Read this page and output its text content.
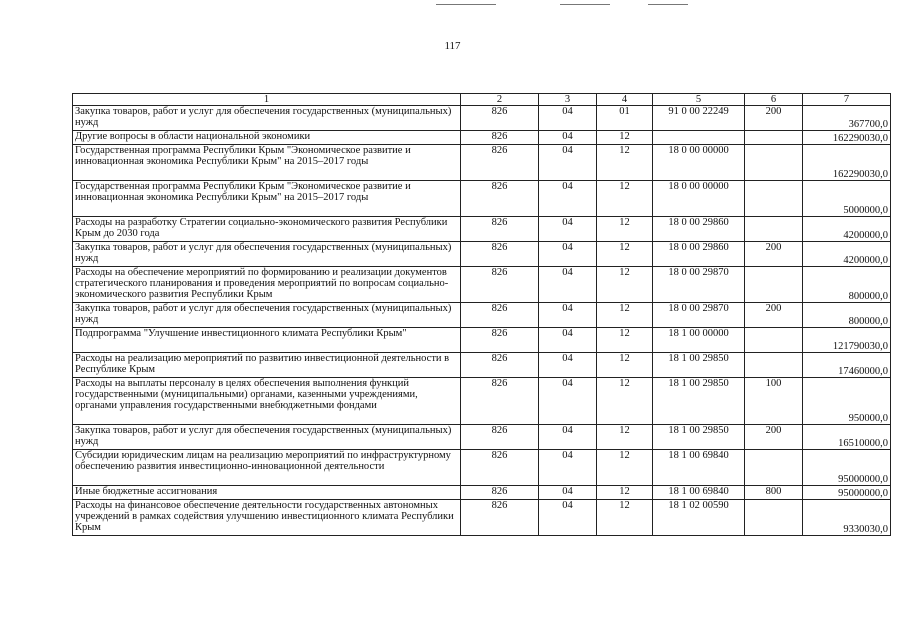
117
1	2	3	4	5	6	7
Закупка товаров, работ и услуг для обеспечения государственных (муниципальных) нужд	826	04	01	91 0 00 22249	200	367700,0
Другие вопросы в области национальной экономики	826	04	12			162290030,0
Государственная программа Республики Крым "Экономическое развитие и инновационная экономика Республики Крым" на 2015–2017 годы	826	04	12	18 0 00 00000		162290030,0
Государственная программа Республики Крым "Экономическое развитие и инновационная экономика Республики Крым" на 2015–2017 годы	826	04	12	18 0 00 00000		5000000,0
Расходы на разработку Стратегии социально-экономического развития Республики Крым до 2030 года	826	04	12	18 0 00 29860		4200000,0
Закупка товаров, работ и услуг для обеспечения государственных (муниципальных) нужд	826	04	12	18 0 00 29860	200	4200000,0
Расходы на обеспечение мероприятий по формированию и реализации документов стратегического планирования и проведения мероприятий по вопросам социально-экономического развития Республики Крым	826	04	12	18 0 00 29870		800000,0
Закупка товаров, работ и услуг для обеспечения государственных (муниципальных) нужд	826	04	12	18 0 00 29870	200	800000,0
Подпрограмма "Улучшение инвестиционного климата Республики Крым"	826	04	12	18 1 00 00000		121790030,0
Расходы на реализацию мероприятий по развитию инвестиционной деятельности в Республике Крым	826	04	12	18 1 00 29850		17460000,0
Расходы на выплаты персоналу в целях обеспечения выполнения функций государственными (муниципальными) органами, казенными учреждениями, органами управления государственными внебюджетными фондами	826	04	12	18 1 00 29850	100	950000,0
Закупка товаров, работ и услуг для обеспечения государственных (муниципальных) нужд	826	04	12	18 1 00 29850	200	16510000,0
Субсидии юридическим лицам на реализацию мероприятий по инфраструктурному обеспечению развития инвестиционно-инновационной деятельности	826	04	12	18 1 00 69840		95000000,0
Иные бюджетные ассигнования	826	04	12	18 1 00 69840	800	95000000,0
Расходы на финансовое обеспечение деятельности государственных автономных учреждений в рамках содействия улучшению инвестиционного климата Республики Крым	826	04	12	18 1 02 00590		9330030,0
